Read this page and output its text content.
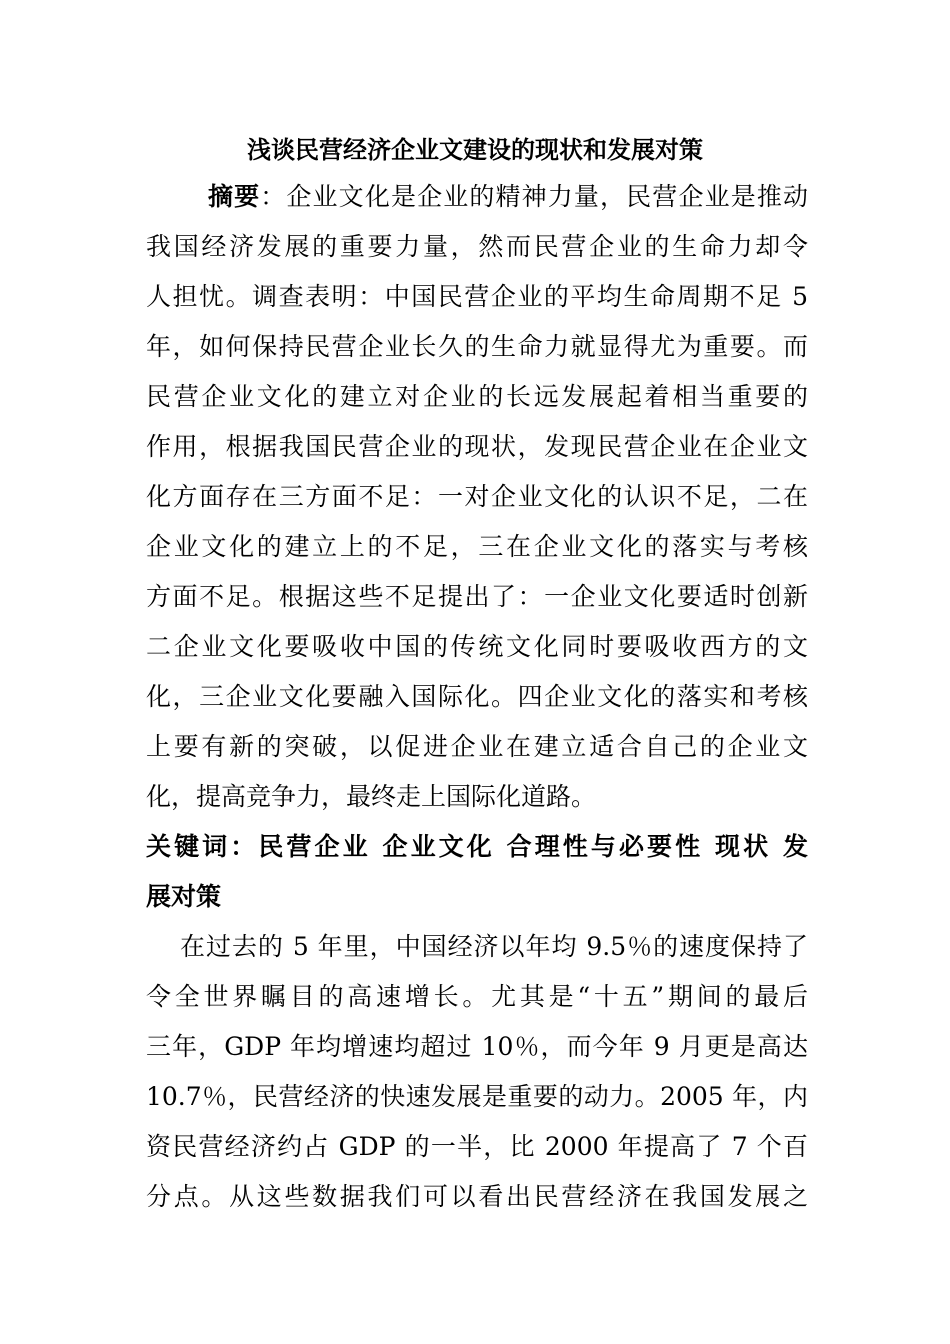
浅谈民营经济企业文建设的现状和发展对策
摘要：企业文化是企业的精神力量，民营企业是推动
我国经济发展的重要力量，然而民营企业的生命力却令
人担忧。调查表明：中国民营企业的平均生命周期不足 5
年，如何保持民营企业长久的生命力就显得尤为重要。而
民营企业文化的建立对企业的长远发展起着相当重要的
作用，根据我国民营企业的现状，发现民营企业在企业文
化方面存在三方面不足：一对企业文化的认识不足，二在
企业文化的建立上的不足，三在企业文化的落实与考核
方面不足。根据这些不足提出了：一企业文化要适时创新
二企业文化要吸收中国的传统文化同时要吸收西方的文
化，三企业文化要融入国际化。四企业文化的落实和考核
上要有新的突破，以促进企业在建立适合自己的企业文
化，提高竞争力，最终走上国际化道路。
关键词：民营企业 企业文化 合理性与必要性 现状 发
展对策
在过去的 5 年里，中国经济以年均 9.5％的速度保持了
令全世界瞩目的高速增长。尤其是“十五”期间的最后
三年，GDP 年均增速均超过 10％，而今年 9 月更是高达
10.7％，民营经济的快速发展是重要的动力。2005 年，内
资民营经济约占 GDP 的一半，比 2000 年提高了 7 个百
分点。从这些数据我们可以看出民营经济在我国发展之
